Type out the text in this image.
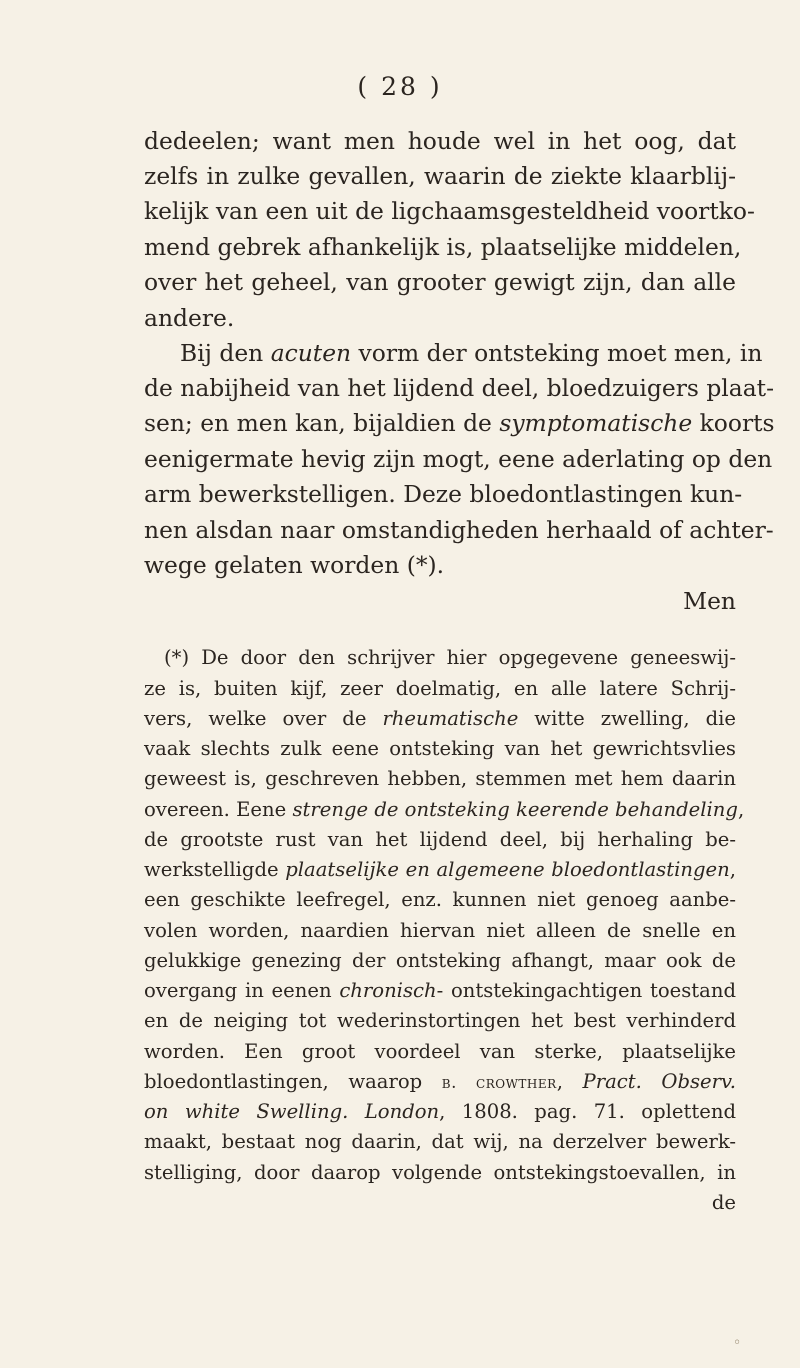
( 28 )
dedeelen; want men houde wel in het oog, dat
zelfs in zulke gevallen, waarin de ziekte klaarblij-
kelijk van een uit de ligchaamsgesteldheid voortko-
mend gebrek afhankelijk is, plaatselijke middelen,
over het geheel, van grooter gewigt zijn, dan alle
andere.
Bij den acuten vorm der ontsteking moet men, in
de nabijheid van het lijdend deel, bloedzuigers plaat-
sen; en men kan, bijaldien de symptomatische koorts
eenigermate hevig zijn mogt, eene aderlating op den
arm bewerkstelligen. Deze bloedontlastingen kun-
nen alsdan naar omstandigheden herhaald of achter-
wege gelaten worden (*).
Men
(*) De door den schrijver hier opgegevene geneeswij-
ze is, buiten kijf, zeer doelmatig, en alle latere Schrij-
vers, welke over de rheumatische witte zwelling, die
vaak slechts zulk eene ontsteking van het gewrichtsvlies
geweest is, geschreven hebben, stemmen met hem daarin
overeen. Eene strenge de ontsteking keerende behandeling,
de grootste rust van het lijdend deel, bij herhaling be-
werkstelligde plaatselijke en algemeene bloedontlastingen,
een geschikte leefregel, enz. kunnen niet genoeg aanbe-
volen worden, naardien hiervan niet alleen de snelle en
gelukkige genezing der ontsteking afhangt, maar ook de
overgang in eenen chronisch- ontstekingachtigen toestand
en de neiging tot wederinstortingen het best verhinderd
worden. Een groot voordeel van sterke, plaatselijke
bloedontlastingen, waarop b. crowther, Pract. Observ.
on white Swelling. London, 1808. pag. 71. oplettend
maakt, bestaat nog daarin, dat wij, na derzelver bewerk-
stelliging, door daarop volgende ontstekingstoevallen, in
de
◦
